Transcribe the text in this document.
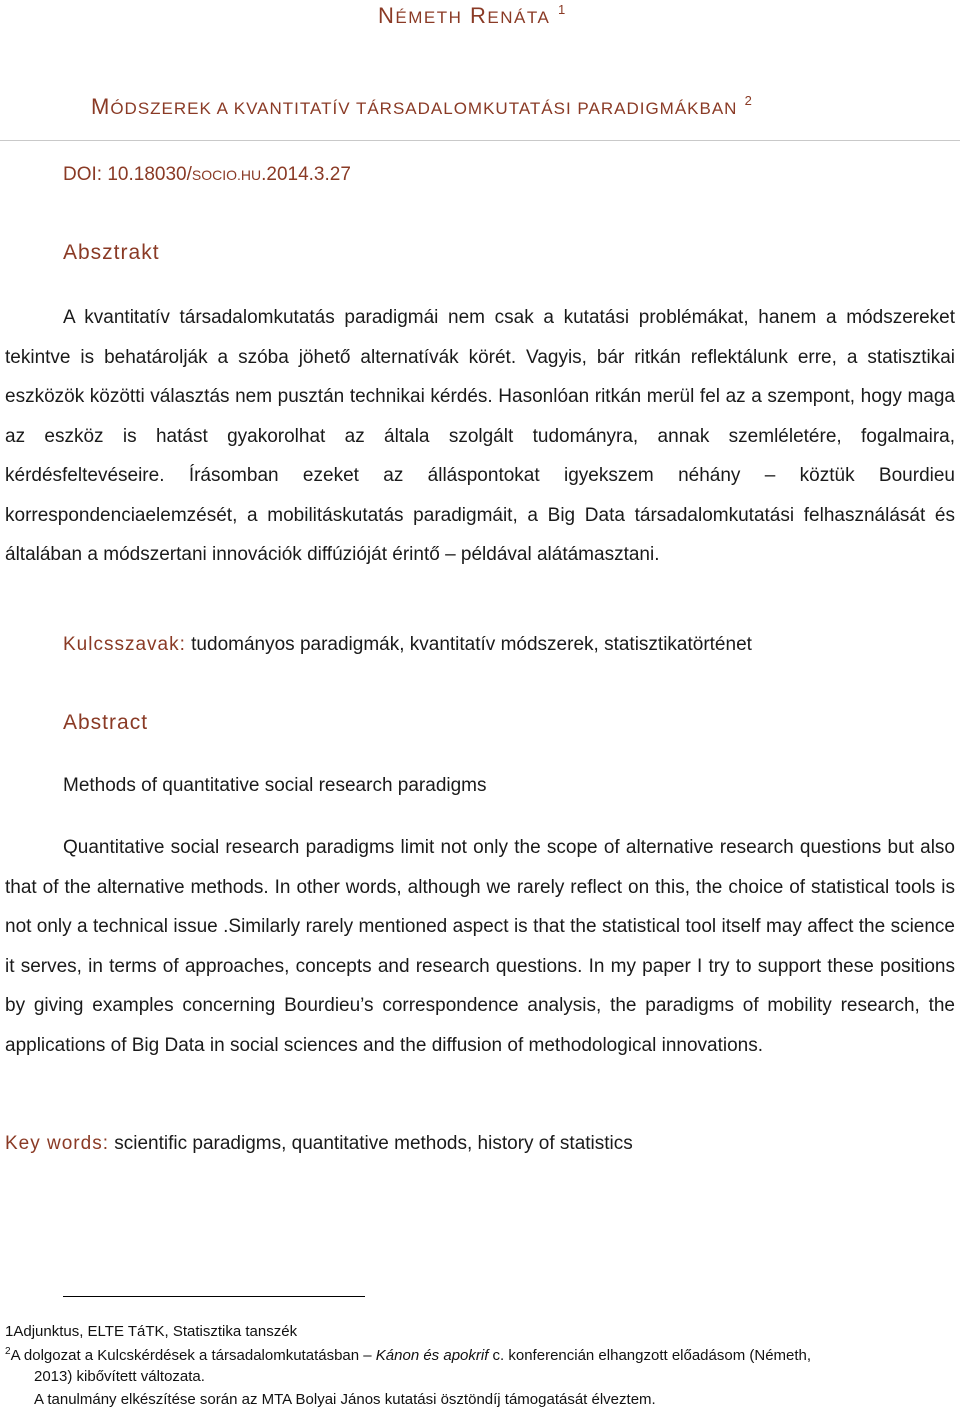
NÉMETH RENÁTA $^1$
MÓDSZEREK A KVANTITATÍV TÁRSADALOMKUTATÁSI PARADIGMÁKBAN $^2$
DOI: 10.18030/SOCIO.HU.2014.3.27
Absztrakt

A kvantitatív társadalomkutatás paradigmái nem csak a kutatási problémákat, hanem a módszereket tekintve is behatárolják a szóba jöhető alternatívák körét. Vagyis, bár ritkán reflektálunk erre, a statisztikai eszközök közötti választás nem pusztán technikai kérdés. Hasonlóan ritkán merül fel az a szempont, hogy maga az eszköz is hatást gyakorolhat az általa szolgált tudományra, annak szemléletére, fogalmaira, kérdésfeltevéseire. Írásomban ezeket az álláspontokat igyekszem néhány – köztük Bourdieu korrespondenciaelemzését, a mobilitáskutatás paradigmáit, a Big Data társadalomkutatási felhasználását és általában a módszertani innovációk diffúzióját érintő – példával alátámasztani.

Kulcsszavak: tudományos paradigmák, kvantitatív módszerek, statisztikatörténet
Abstract
Methods of quantitative social research paradigms

Quantitative social research paradigms limit not only the scope of alternative research questions but also that of the alternative methods. In other words, although we rarely reflect on this, the choice of statistical tools is not only a technical issue .Similarly rarely mentioned aspect is that the statistical tool itself may affect the science it serves, in terms of approaches, concepts and research questions. In my paper I try to support these positions by giving examples concerning Bourdieu’s correspondence analysis, the paradigms of mobility research, the applications of Big Data in social sciences and the diffusion of methodological innovations.

Key words: scientific paradigms, quantitative methods, history of statistics
1Adjunktus, ELTE TáTK, Statisztika tanszék
$^2$A dolgozat a Kulcskérdések a társadalomkutatásban – Kánon és apokrif c. konferencián elhangzott előadásom (Németh,
2013) kibővített változata.
A tanulmány elkészítése során az MTA Bolyai János kutatási ösztöndíj támogatását élveztem.
